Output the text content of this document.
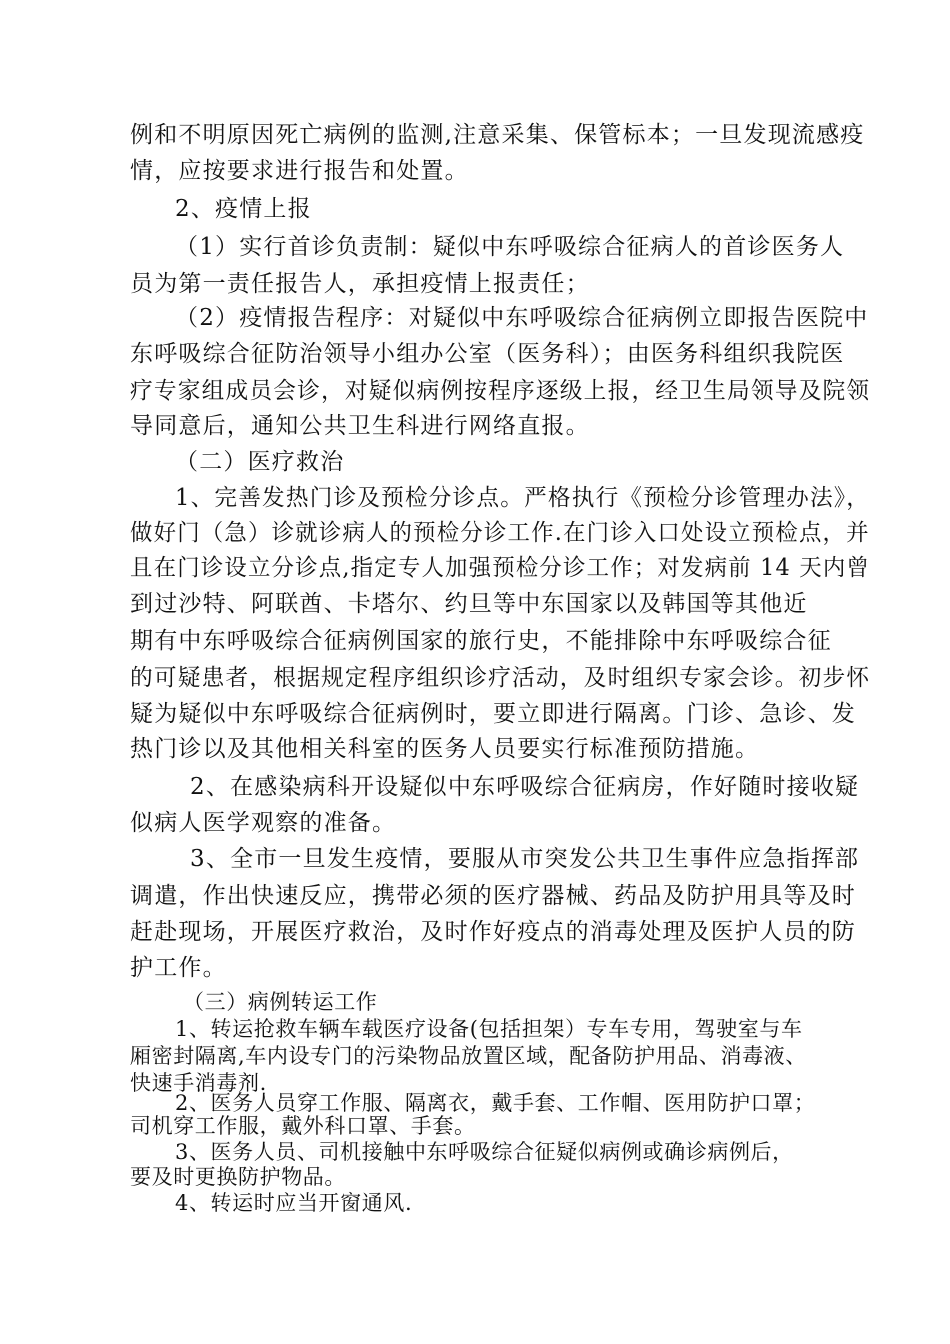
例和不明原因死亡病例的监测,注意采集、保管标本；一旦发现流感疫
情，应按要求进行报告和处置。
2、疫情上报
（1）实行首诊负责制：疑似中东呼吸综合征病人的首诊医务人
员为第一责任报告人，承担疫情上报责任；
（2）疫情报告程序：对疑似中东呼吸综合征病例立即报告医院中
东呼吸综合征防治领导小组办公室（医务科）；由医务科组织我院医
疗专家组成员会诊，对疑似病例按程序逐级上报，经卫生局领导及院领
导同意后，通知公共卫生科进行网络直报。
（二）医疗救治
1、完善发热门诊及预检分诊点。严格执行《预检分诊管理办法》，
做好门（急）诊就诊病人的预检分诊工作.在门诊入口处设立预检点，并
且在门诊设立分诊点,指定专人加强预检分诊工作；对发病前 14 天内曾
到过沙特、阿联酋、卡塔尔、约旦等中东国家以及韩国等其他近
期有中东呼吸综合征病例国家的旅行史，不能排除中东呼吸综合征
的可疑患者，根据规定程序组织诊疗活动，及时组织专家会诊。初步怀
疑为疑似中东呼吸综合征病例时，要立即进行隔离。门诊、急诊、发
热门诊以及其他相关科室的医务人员要实行标准预防措施。
2、在感染病科开设疑似中东呼吸综合征病房，作好随时接收疑
似病人医学观察的准备。
3、全市一旦发生疫情，要服从市突发公共卫生事件应急指挥部
调遣，作出快速反应，携带必须的医疗器械、药品及防护用具等及时
赶赴现场，开展医疗救治，及时作好疫点的消毒处理及医护人员的防
护工作。
（三）病例转运工作
1、转运抢救车辆车载医疗设备(包括担架）专车专用，驾驶室与车
厢密封隔离,车内设专门的污染物品放置区域，配备防护用品、消毒液、
快速手消毒剂.
2、医务人员穿工作服、隔离衣，戴手套、工作帽、医用防护口罩；
司机穿工作服，戴外科口罩、手套。
3、医务人员、司机接触中东呼吸综合征疑似病例或确诊病例后，
要及时更换防护物品。
4、转运时应当开窗通风.
